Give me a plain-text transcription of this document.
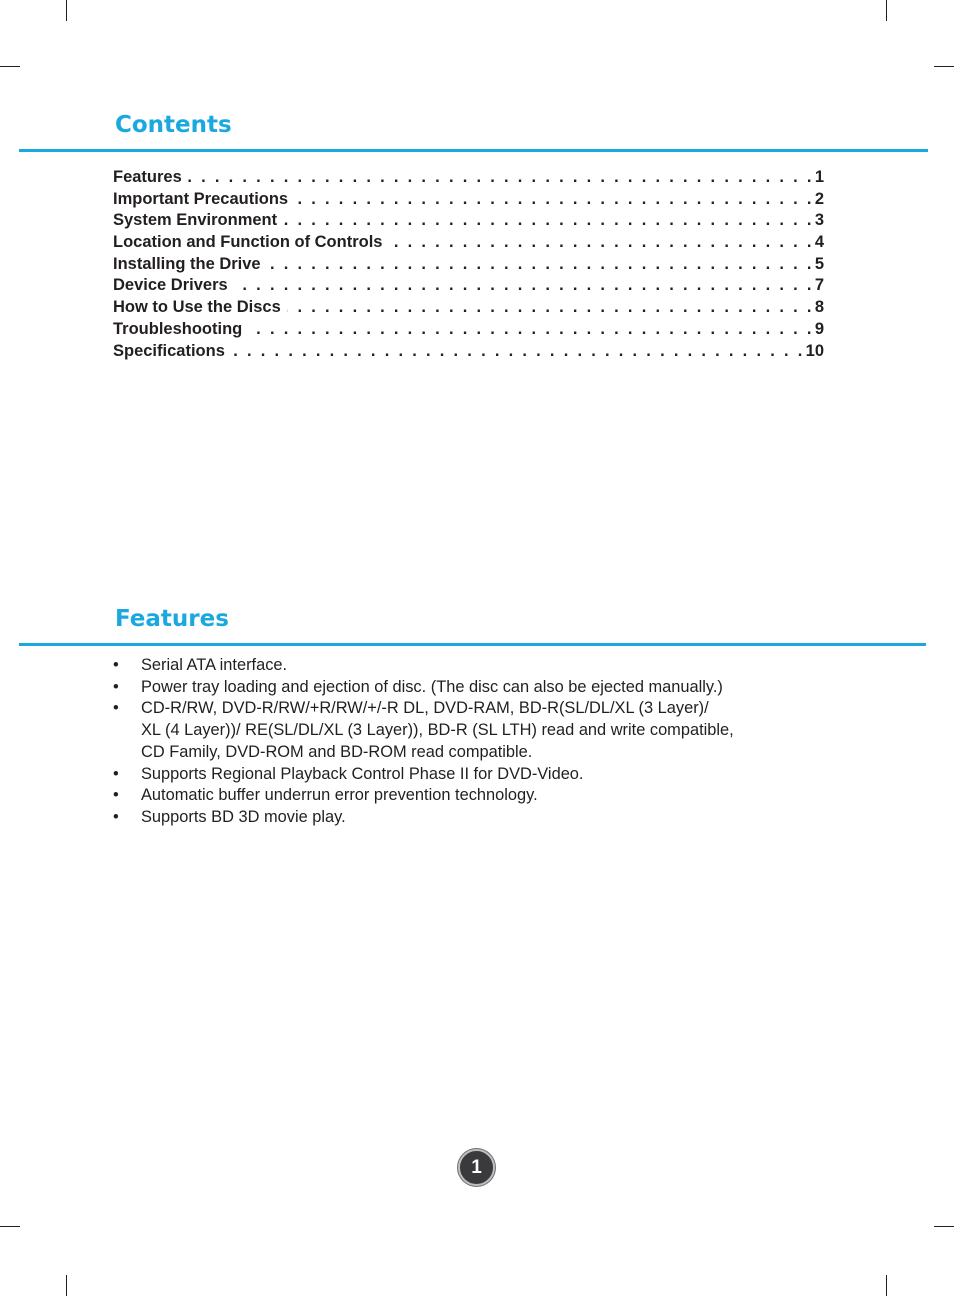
Contents
Features . . .	1
Important Precautions . . .	2
System Environment . . .	3
Location and Function of Controls . . .	4
Installing the Drive . . .	5
Device Drivers . . .	7
How to Use the Discs . . .	8
Troubleshooting . . .	9
Specifications . . .	10
Features
• Serial ATA interface.
• Power tray loading and ejection of disc. (The disc can also be ejected manually.)
• CD-R/RW, DVD-R/RW/+R/RW/+/-R DL, DVD-RAM, BD-R(SL/DL/XL (3 Layer)/
XL (4 Layer))/ RE(SL/DL/XL (3 Layer)), BD-R (SL LTH) read and write compatible,
CD Family, DVD-ROM and BD-ROM read compatible.
• Supports Regional Playback Control Phase II for DVD-Video.
• Automatic buffer underrun error prevention technology.
• Supports BD 3D movie play.
1
